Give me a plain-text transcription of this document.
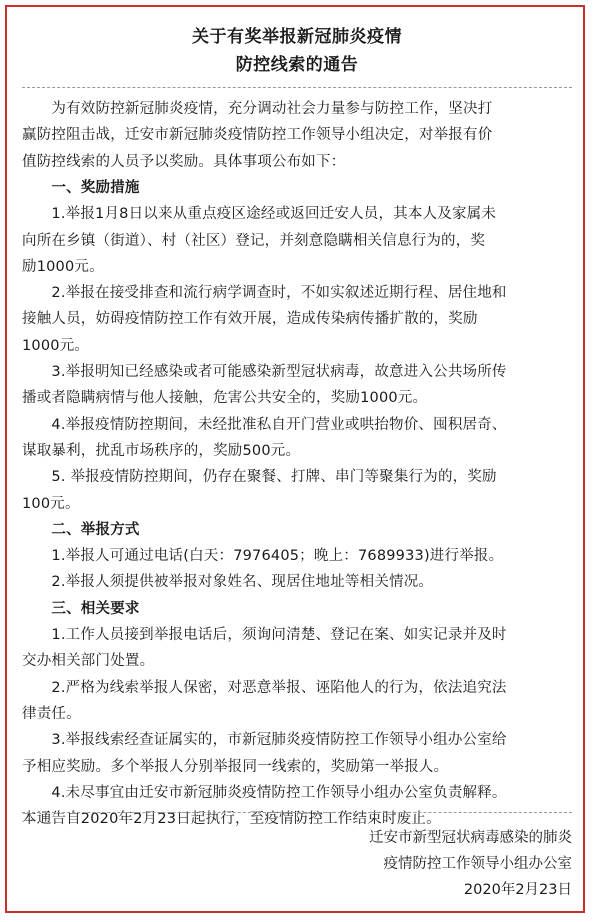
关于有奖举报新冠肺炎疫情
防控线索的通告
　　为有效防控新冠肺炎疫情，充分调动社会力量参与防控工作，坚决打
赢防控阻击战，迁安市新冠肺炎疫情防控工作领导小组决定，对举报有价
值防控线索的人员予以奖励。具体事项公布如下：
　　一、奖励措施
　　1.举报1月8日以来从重点疫区途经或返回迁安人员，其本人及家属未
向所在乡镇（街道）、村（社区）登记，并刻意隐瞒相关信息行为的，奖
励1000元。
　　2.举报在接受排查和流行病学调查时，不如实叙述近期行程、居住地和
接触人员，妨碍疫情防控工作有效开展，造成传染病传播扩散的，奖励
1000元。
　　3.举报明知已经感染或者可能感染新型冠状病毒，故意进入公共场所传
播或者隐瞒病情与他人接触，危害公共安全的，奖励1000元。
　　4.举报疫情防控期间，未经批准私自开门营业或哄抬物价、囤积居奇、
谋取暴利，扰乱市场秩序的，奖励500元。
　　5. 举报疫情防控期间，仍存在聚餐、打牌、串门等聚集行为的，奖励
100元。
　　二、举报方式
　　1.举报人可通过电话(白天：7976405；晚上：7689933)进行举报。
　　2.举报人须提供被举报对象姓名、现居住地址等相关情况。
　　三、相关要求
　　1.工作人员接到举报电话后，须询问清楚、登记在案、如实记录并及时
交办相关部门处置。
　　2.严格为线索举报人保密，对恶意举报、诬陷他人的行为，依法追究法
律责任。
　　3.举报线索经查证属实的，市新冠肺炎疫情防控工作领导小组办公室给
予相应奖励。多个举报人分别举报同一线索的，奖励第一举报人。
　　4.未尽事宜由迁安市新冠肺炎疫情防控工作领导小组办公室负责解释。
本通告自2020年2月23日起执行，至疫情防控工作结束时废止。
迁安市新型冠状病毒感染的肺炎
疫情防控工作领导小组办公室
2020年2月23日
